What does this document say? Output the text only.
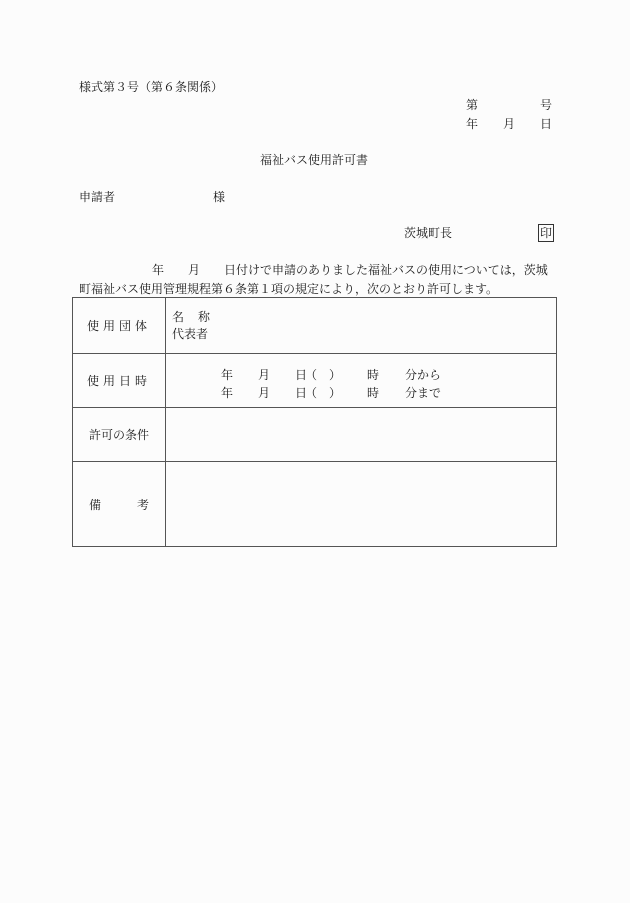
様式第３号（第６条関係）
第	号
年 月 日
福祉バス使用許可書
申請者	様
茨城町長	印
年 月 日付けで申請のありました福祉バスの使用については，茨城
町福祉バス使用管理規程第６条第１項の規定により，次のとおり許可します。
使用団体	名 称
代表者

使用日時	年 月 日
（　） 時 分から
年 月 日
（　） 時 分まで

許可の条件	

備 考	
